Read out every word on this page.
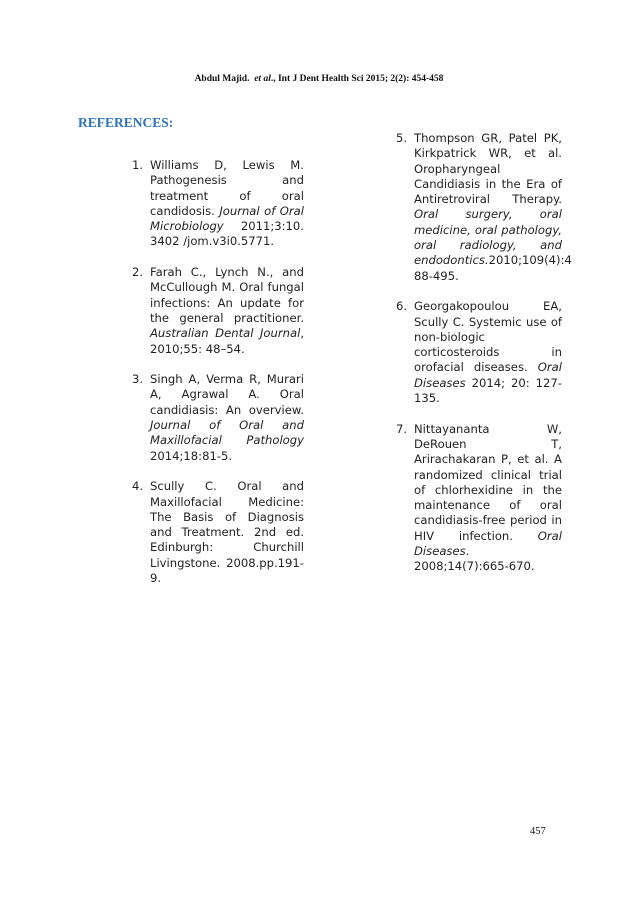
Abdul Majid. et al., Int J Dent Health Sci 2015; 2(2): 454-458
REFERENCES:
1. Williams D, Lewis M. Pathogenesis and treatment of oral candidosis. Journal of Oral Microbiology 2011;3:10. 3402 /jom.v3i0.5771.
2. Farah C., Lynch N., and McCullough M. Oral fungal infections: An update for the general practitioner. Australian Dental Journal, 2010;55: 48–54.
3. Singh A, Verma R, Murari A, Agrawal A. Oral candidiasis: An overview. Journal of Oral and Maxillofacial Pathology 2014;18:81-5.
4. Scully C. Oral and Maxillofacial Medicine: The Basis of Diagnosis and Treatment. 2nd ed. Edinburgh: Churchill Livingstone. 2008.pp.191-9.
5. Thompson GR, Patel PK, Kirkpatrick WR, et al. Oropharyngeal Candidiasis in the Era of Antiretroviral Therapy. Oral surgery, oral medicine, oral pathology, oral radiology, and endodontics.2010;109(4):4 88-495.
6. Georgakopoulou EA, Scully C. Systemic use of non-biologic corticosteroids in orofacial diseases. Oral Diseases 2014; 20: 127-135.
7. Nittayananta W, DeRouen T, Arirachakaran P, et al. A randomized clinical trial of chlorhexidine in the maintenance of oral candidiasis-free period in HIV infection. Oral Diseases. 2008;14(7):665-670.
457
